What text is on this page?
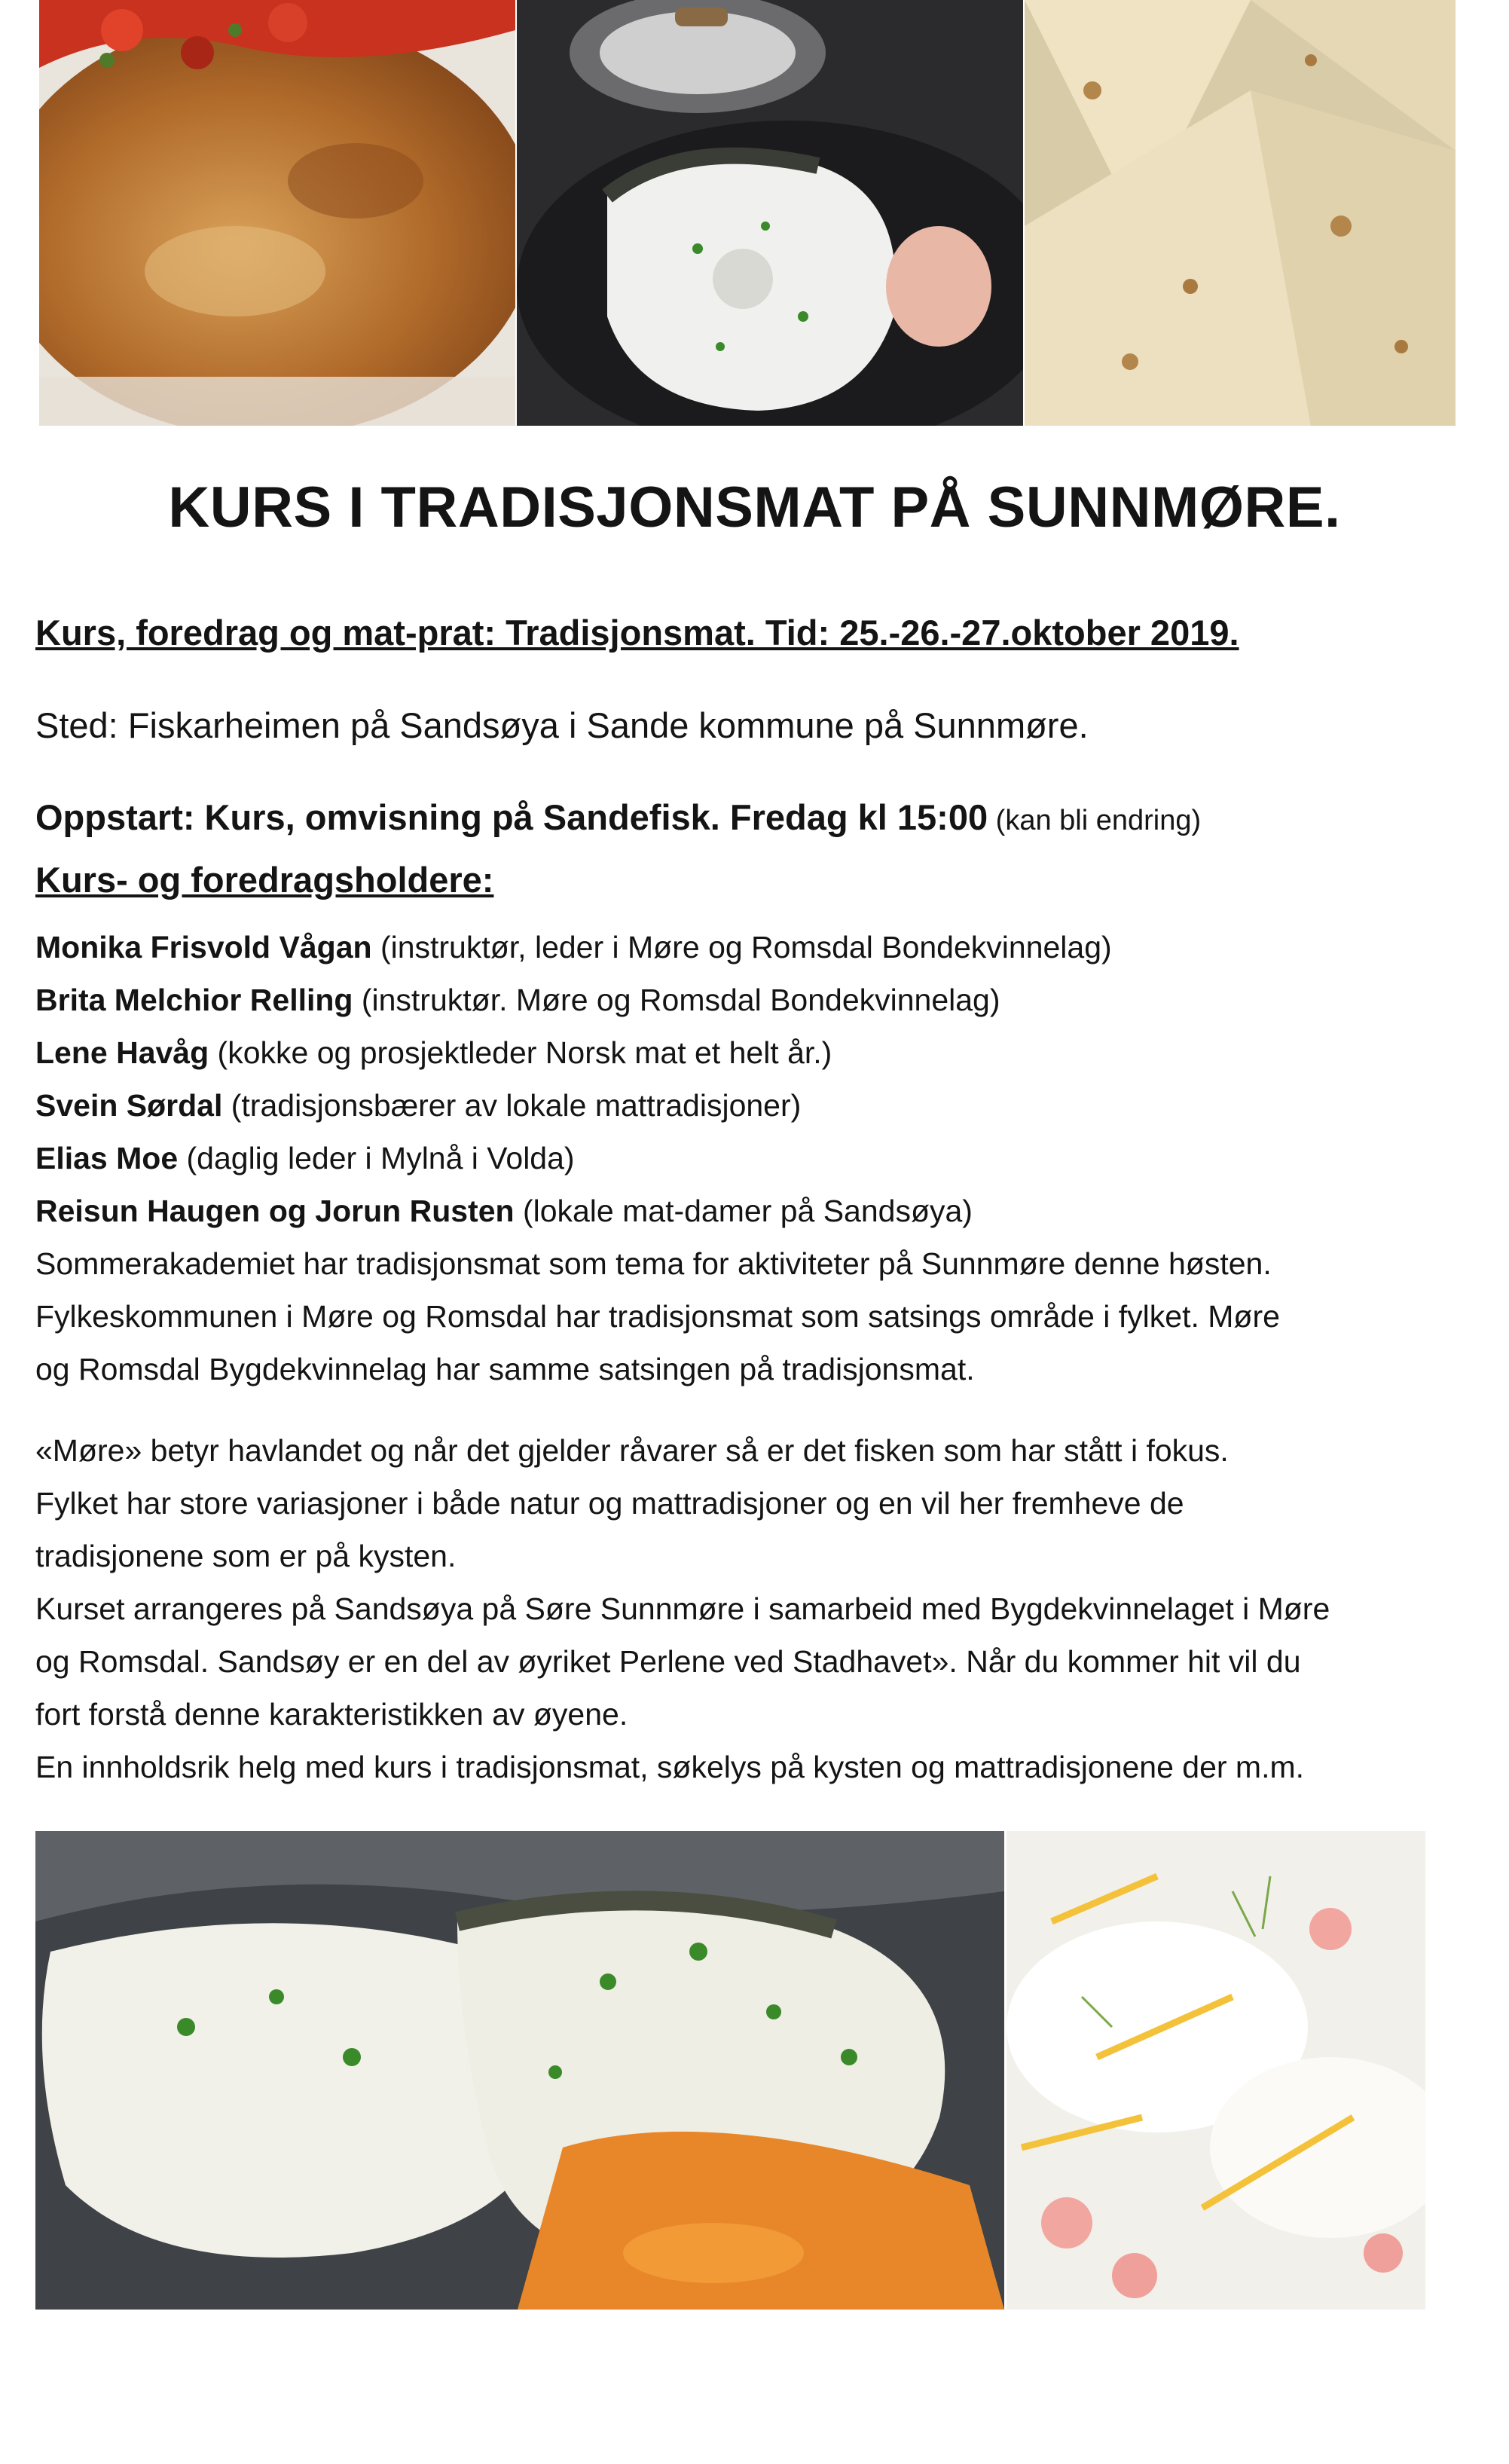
KURS I TRADISJONSMAT PÅ SUNNMØRE.

Kurs, foredrag og mat-prat: Tradisjonsmat. Tid: 25.-26.-27.oktober 2019.

Sted: Fiskarheimen på Sandsøya i Sande kommune på Sunnmøre.

Oppstart: Kurs, omvisning på Sandefisk. Fredag kl 15:00 (kan bli endring)

Kurs- og foredragsholdere:

Monika Frisvold Vågan (instruktør, leder i Møre og Romsdal Bondekvinnelag)
Brita Melchior Relling (instruktør. Møre og Romsdal Bondekvinnelag)
Lene Havåg (kokke og prosjektleder Norsk mat et helt år.)
Svein Sørdal (tradisjonsbærer av lokale mattradisjoner)
Elias Moe (daglig leder i Mylnå i Volda)
Reisun Haugen og Jorun Rusten (lokale mat-damer på Sandsøya)
Sommerakademiet har tradisjonsmat som tema for aktiviteter på Sunnmøre denne høsten.
Fylkeskommunen i Møre og Romsdal har tradisjonsmat som satsings område i fylket. Møre
og Romsdal Bygdekvinnelag har samme satsingen på tradisjonsmat.
«Møre» betyr havlandet og når det gjelder råvarer så er det fisken som har stått i fokus.
Fylket har store variasjoner i både natur og mattradisjoner og en vil her fremheve de
tradisjonene som er på kysten.
Kurset arrangeres på Sandsøya på Søre Sunnmøre i samarbeid med Bygdekvinnelaget i Møre
og Romsdal. Sandsøy er en del av øyriket Perlene ved Stadhavet». Når du kommer hit vil du
fort forstå denne karakteristikken av øyene.
En innholdsrik helg med kurs i tradisjonsmat, søkelys på kysten og mattradisjonene der m.m.
